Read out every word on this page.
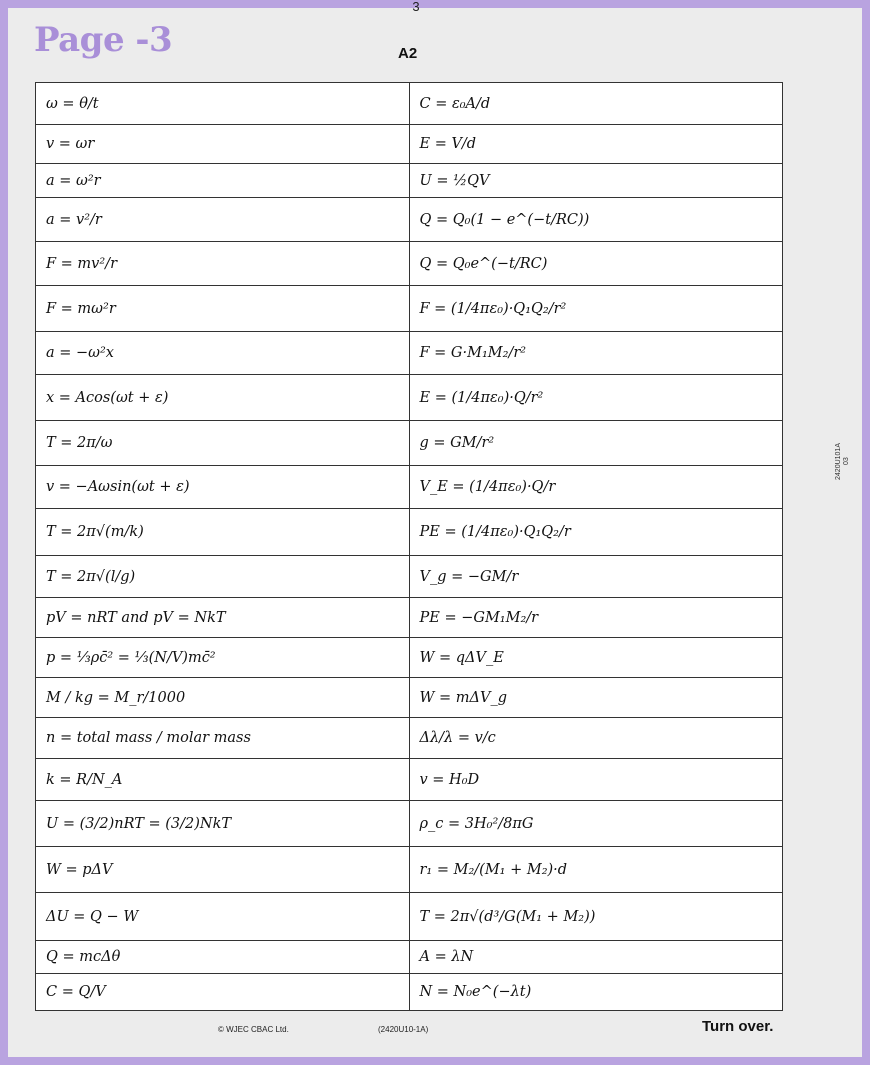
3
Page -3	A2
2420U101A 03
ω = θ/t	C = ε₀A/d
v = ωr	E = V/d
a = ω²r	U = ½QV
a = v²/r	Q = Q₀(1 − e^(−t/RC))
F = mv²/r	Q = Q₀e^(−t/RC)
F = mω²r	F = (1/4πε₀)·Q₁Q₂/r²
a = −ω²x	F = G·M₁M₂/r²
x = Acos(ωt + ε)	E = (1/4πε₀)·Q/r²
T = 2π/ω	g = GM/r²
v = −Aωsin(ωt + ε)	V_E = (1/4πε₀)·Q/r
T = 2π√(m/k)	PE = (1/4πε₀)·Q₁Q₂/r
T = 2π√(l/g)	V_g = −GM/r
pV = nRT and pV = NkT	PE = −GM₁M₂/r
p = ⅓ρc̄² = ⅓(N/V)mc̄²	W = qΔV_E
M / kg = M_r/1000	W = mΔV_g
n = total mass / molar mass	Δλ/λ = v/c
k = R/N_A	v = H₀D
U = (3/2)nRT = (3/2)NkT	ρ_c = 3H₀²/8πG
W = pΔV	r₁ = M₂/(M₁ + M₂)·d
ΔU = Q − W	T = 2π√(d³/G(M₁ + M₂))
Q = mcΔθ	A = λN
C = Q/V	N = N₀e^(−λt)
© WJEC CBAC Ltd.	(2420U10-1A)	Turn over.
